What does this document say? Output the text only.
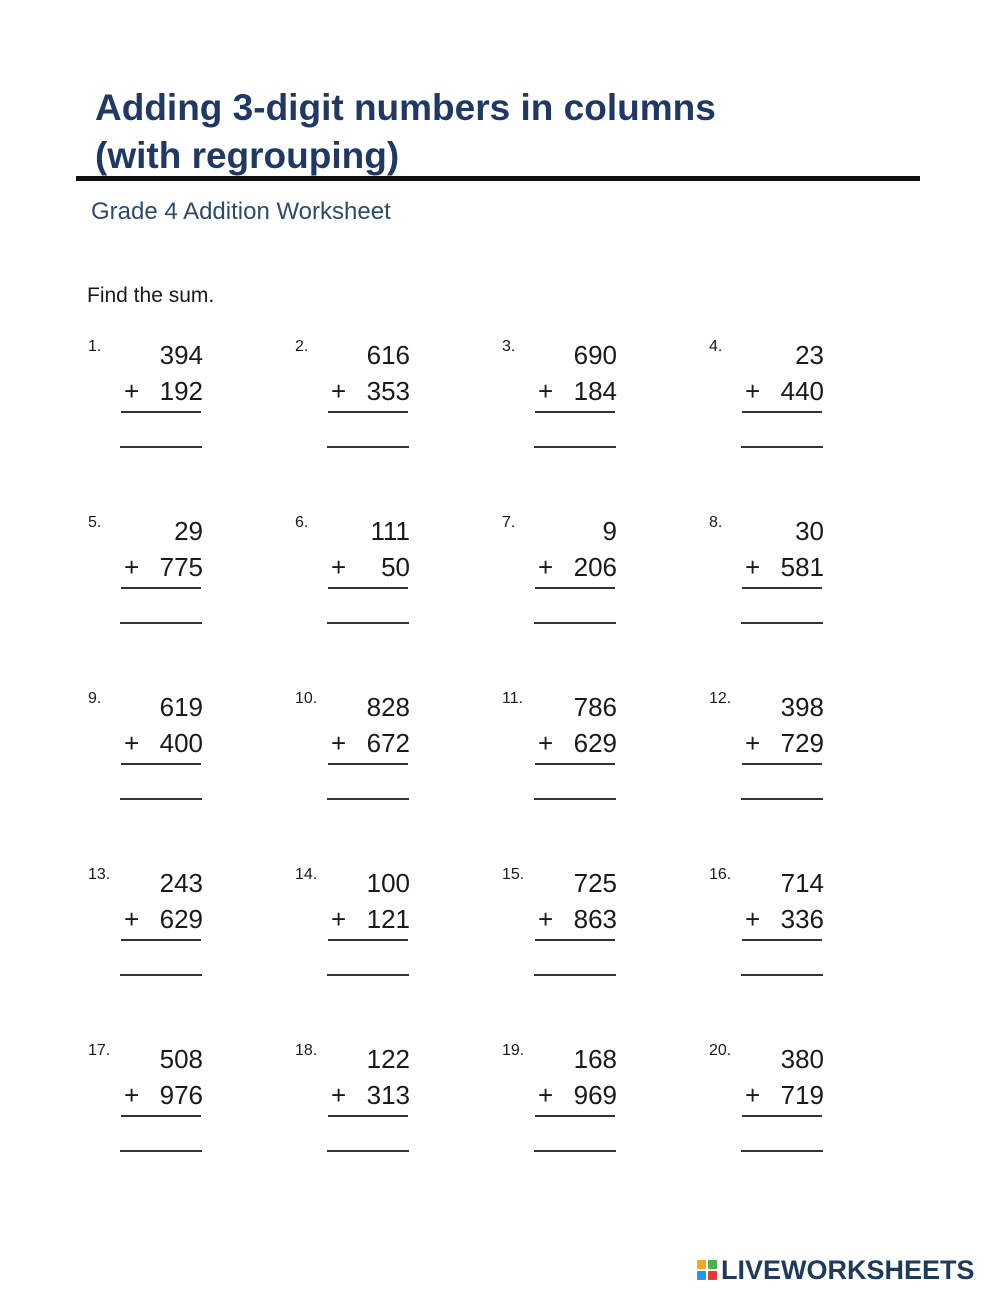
Adding 3-digit numbers in columns
(with regrouping)

Grade 4 Addition Worksheet

Find the sum.

1. 394
+ 192
2. 616
+ 353
3. 690
+ 184
4.	23
+ 440
5.	29
+ 775
6. 111
+ 50
7.	9
+ 206
8.	30
+ 581
9. 619
+ 400
10. 828
+ 672
11. 786
+ 629
12. 398
+ 729
13. 243
+ 629
14. 100
+ 121
15. 725
+ 863
16. 714
+ 336
17. 508
+ 976
18. 122
+ 313
19. 168
+ 969
20. 380
+ 719
LIVEWORKSHEETS
